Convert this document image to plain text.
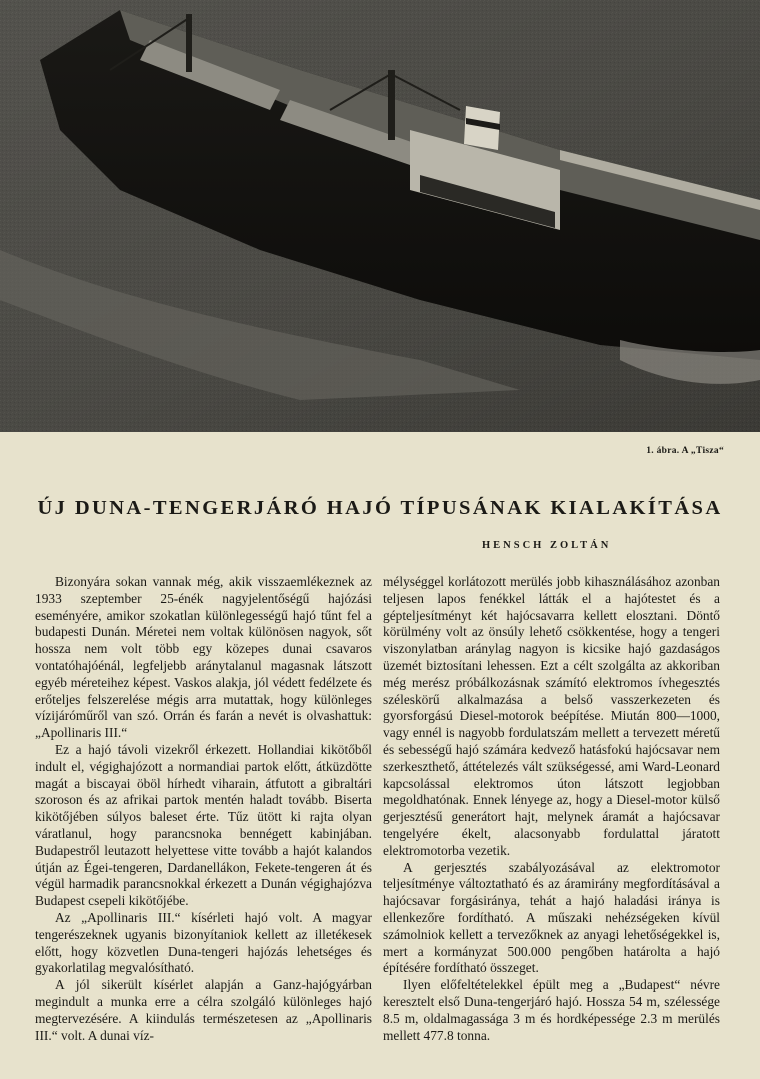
1. ábra. A „Tisza“
ÚJ DUNA-TENGERJÁRÓ HAJÓ TÍPUSÁNAK KIALAKÍTÁSA
HENSCH ZOLTÁN

Bizonyára sokan vannak még, akik visszaemlékeznek az 1933 szeptember 25-énék nagyjelentőségű hajózási eseményére, amikor szokatlan különlegességű hajó tűnt fel a budapesti Dunán. Méretei nem voltak különösen nagyok, sőt hossza nem volt több egy közepes dunai csavaros vontatóhajóénál, legfeljebb aránytalanul magasnak látszott egyéb méreteihez képest. Vaskos alakja, jól védett fedélzete és erőteljes felszerelése mégis arra mutattak, hogy különleges vízijáróműről van szó. Orrán és farán a nevét is olvashattuk: „Apollinaris III.“

Ez a hajó távoli vizekről érkezett. Hollandiai kikötőből indult el, végighajózott a normandiai partok előtt, átküzdötte magát a biscayai öböl hírhedt viharain, átfutott a gibraltári szoroson és az afrikai partok mentén haladt tovább. Biserta kikötőjében súlyos baleset érte. Tűz ütött ki rajta olyan váratlanul, hogy parancsnoka bennégett kabinjában. Budapestről leutazott helyettese vitte tovább a hajót kalandos útján az Égei-tengeren, Dardanellákon, Fekete-tengeren át és végül harmadik parancsnokkal érkezett a Dunán végighajózva Budapest csepeli kikötőjébe.

Az „Apollinaris III.“ kísérleti hajó volt. A magyar tengerészeknek ugyanis bizonyítaniok kellett az illetékesek előtt, hogy közvetlen Duna-tengeri hajózás lehetséges és gyakorlatilag megvalósítható.

A jól sikerült kísérlet alapján a Ganz-hajógyárban megindult a munka erre a célra szolgáló különleges hajó megtervezésére. A kiindulás természetesen az „Apollinaris III.“ volt. A dunai víz-

mélységgel korlátozott merülés jobb kihasználásához azonban teljesen lapos fenékkel látták el a hajótestet és a gépteljesítményt két hajócsavarra kellett elosztani. Döntő körülmény volt az önsúly lehető csökkentése, hogy a tengeri viszonylatban aránylag nagyon is kicsike hajó gazdaságos üzemét biztosítani lehessen. Ezt a célt szolgálta az akkoriban még merész próbálkozásnak számító elektromos ívhegesztés széleskörű alkalmazása a belső vasszerkezeten és gyorsforgású Diesel-motorok beépítése. Miután 800—1000, vagy ennél is nagyobb fordulatszám mellett a tervezett méretű és sebességű hajó számára kedvező hatásfokú hajócsavar nem szerkeszthető, áttételezés vált szükségessé, ami Ward-Leonard kapcsolással elektromos úton látszott legjobban megoldhatónak. Ennek lényege az, hogy a Diesel-motor külső gerjesztésű generátort hajt, melynek áramát a hajócsavar tengelyére ékelt, alacsonyabb fordulattal járatott elektromotorba vezetik.

A gerjesztés szabályozásával az elektromotor teljesítménye változtatható és az áramirány megfordításával a hajócsavar forgásiránya, tehát a hajó haladási iránya is ellenkezőre fordítható. A műszaki nehézségeken kívül számolniok kellett a tervezőknek az anyagi lehetőségekkel is, mert a kormányzat 500.000 pengőben határolta a hajó építésére fordítható összeget.

Ilyen előfeltételekkel épült meg a „Budapest“ névre keresztelt első Duna-tengerjáró hajó. Hossza 54 m, szélessége 8.5 m, oldalmagassága 3 m és hordképessége 2.3 m merülés mellett 477.8 tonna.
